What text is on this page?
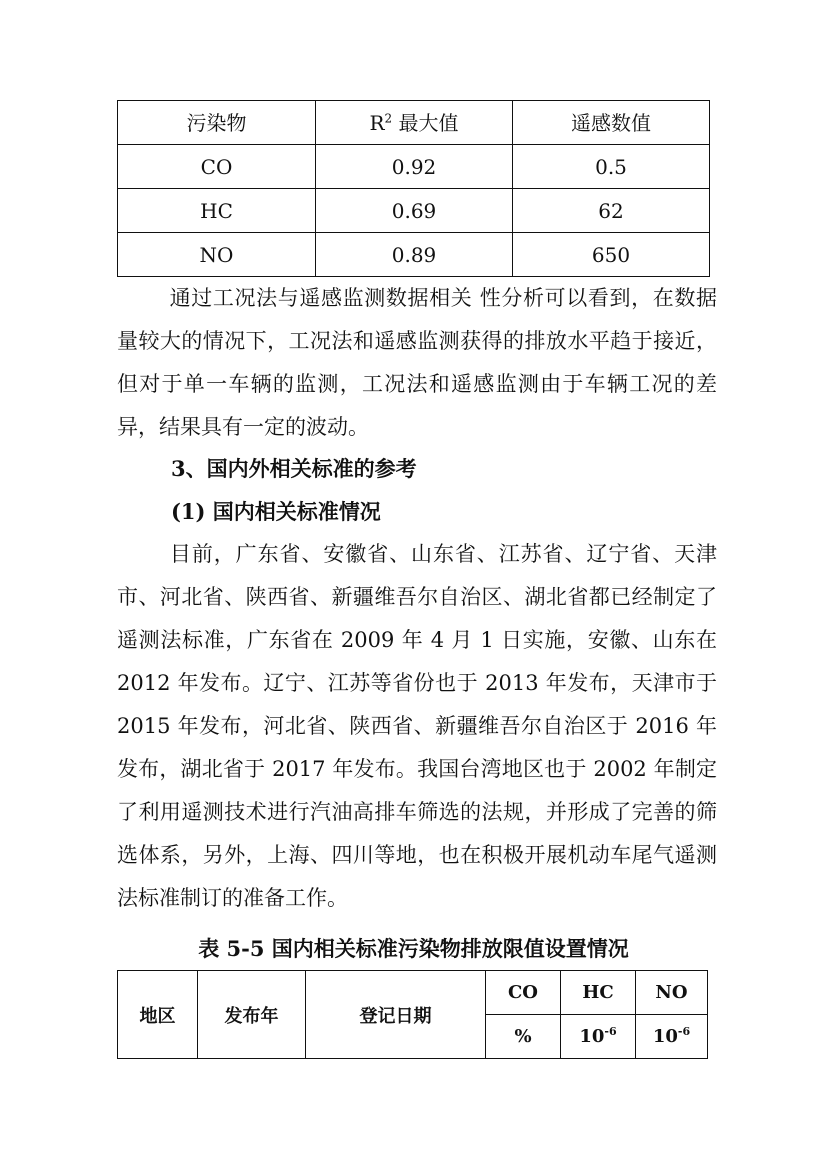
污染物	$R^2$ 最大值	遥感数值
CO	0.92	0.5
HC	0.69	62
NO	0.89	650

通过工况法与遥感监测数据相关 性分析可以看到，在数据量较大的情况下，工况法和遥感监测获得的排放水平趋于接近，但对于单一车辆的监测，工况法和遥感监测由于车辆工况的差异，结果具有一定的波动。

3、国内外相关标准的参考

(1) 国内相关标准情况

目前，广东省、安徽省、山东省、江苏省、辽宁省、天津市、河北省、陕西省、新疆维吾尔自治区、湖北省都已经制定了遥测法标准，广东省在 2009 年 4 月 1 日实施，安徽、山东在 2012 年发布。辽宁、江苏等省份也于 2013 年发布，天津市于 2015 年发布，河北省、陕西省、新疆维吾尔自治区于 2016 年发布，湖北省于 2017 年发布。我国台湾地区也于 2002 年制定了利用遥测技术进行汽油高排车筛选的法规，并形成了完善的筛选体系，另外，上海、四川等地，也在积极开展机动车尾气遥测法标准制订的准备工作。

表 5-5 国内相关标准污染物排放限值设置情况

地区	发布年	登记日期	CO	HC	NO
			%	$10^{-6}$	$10^{-6}$
